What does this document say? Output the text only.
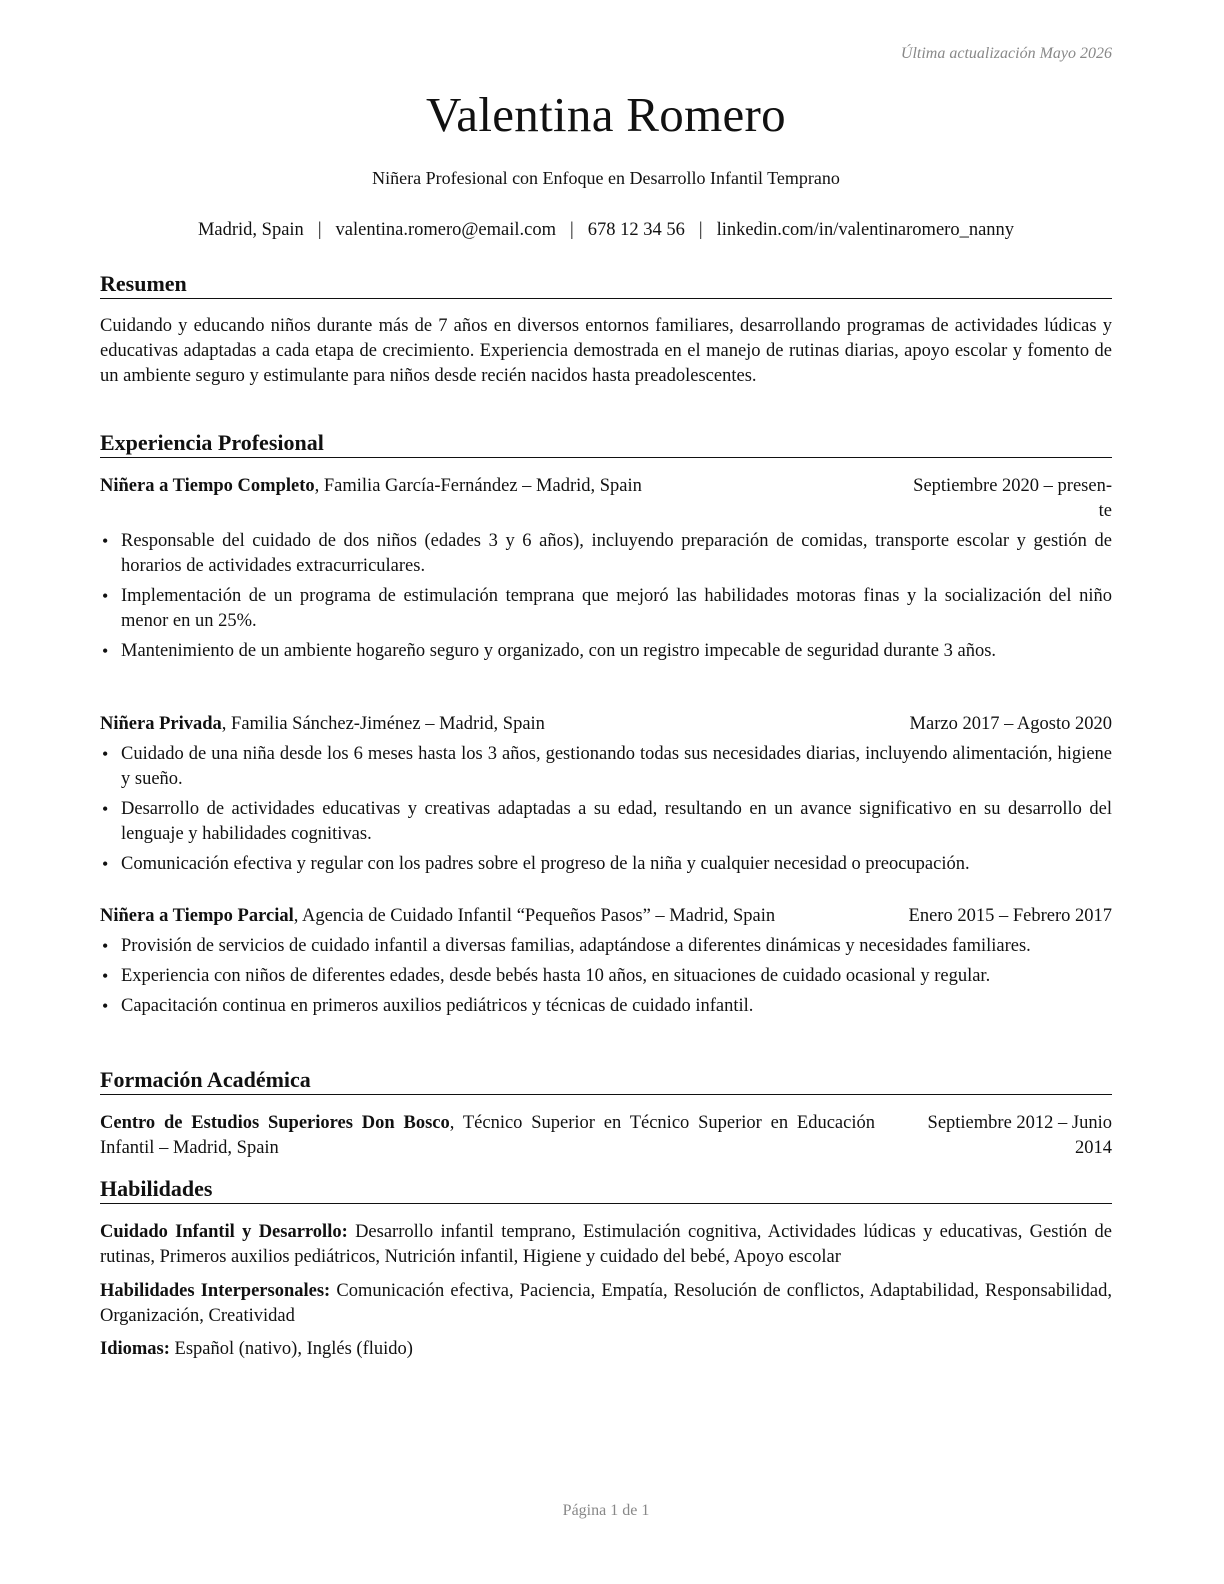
Última actualización Mayo 2026
Valentina Romero
Niñera Profesional con Enfoque en Desarrollo Infantil Temprano
Madrid, Spain | valentina.romero@email.com | 678 12 34 56 | linkedin.com/in/valentinaromero_nanny
Resumen

Cuidando y educando niños durante más de 7 años en diversos entornos familiares, desarrollando programas de actividades lúdicas y educativas adaptadas a cada etapa de crecimiento. Experiencia demostrada en el manejo de rutinas diarias, apoyo escolar y fomento de un ambiente seguro y estimulante para niños desde recién nacidos hasta preadolescentes.

Experiencia Profesional
Niñera a Tiempo Completo, Familia García-Fernández – Madrid, Spain	Septiembre 2020 – presen-
te
• Responsable del cuidado de dos niños (edades 3 y 6 años), incluyendo preparación de comidas, transporte escolar y gestión de horarios de actividades extracurriculares.
• Implementación de un programa de estimulación temprana que mejoró las habilidades motoras finas y la socialización del niño menor en un 25%.
• Mantenimiento de un ambiente hogareño seguro y organizado, con un registro impecable de seguridad durante 3 años.
Niñera Privada, Familia Sánchez-Jiménez – Madrid, Spain	Marzo 2017 – Agosto 2020
• Cuidado de una niña desde los 6 meses hasta los 3 años, gestionando todas sus necesidades diarias, incluyendo alimentación, higiene y sueño.
• Desarrollo de actividades educativas y creativas adaptadas a su edad, resultando en un avance significativo en su desarrollo del lenguaje y habilidades cognitivas.
• Comunicación efectiva y regular con los padres sobre el progreso de la niña y cualquier necesidad o preocupación.
Niñera a Tiempo Parcial, Agencia de Cuidado Infantil “Pequeños Pasos” – Madrid, Spain	Enero 2015 – Febrero 2017
• Provisión de servicios de cuidado infantil a diversas familias, adaptándose a diferentes dinámicas y necesidades familiares.
• Experiencia con niños de diferentes edades, desde bebés hasta 10 años, en situaciones de cuidado ocasional y regular.
• Capacitación continua en primeros auxilios pediátricos y técnicas de cuidado infantil.
Formación Académica
Centro de Estudios Superiores Don Bosco, Técnico Superior en Técnico Superior en Educación Infantil – Madrid, Spain
Septiembre 2012 – Junio
2014
Habilidades

Cuidado Infantil y Desarrollo: Desarrollo infantil temprano, Estimulación cognitiva, Actividades lúdicas y educativas, Gestión de rutinas, Primeros auxilios pediátricos, Nutrición infantil, Higiene y cuidado del bebé, Apoyo escolar

Habilidades Interpersonales: Comunicación efectiva, Paciencia, Empatía, Resolución de conflictos, Adaptabilidad, Responsabilidad, Organización, Creatividad

Idiomas: Español (nativo), Inglés (fluido)

Página 1 de 1
